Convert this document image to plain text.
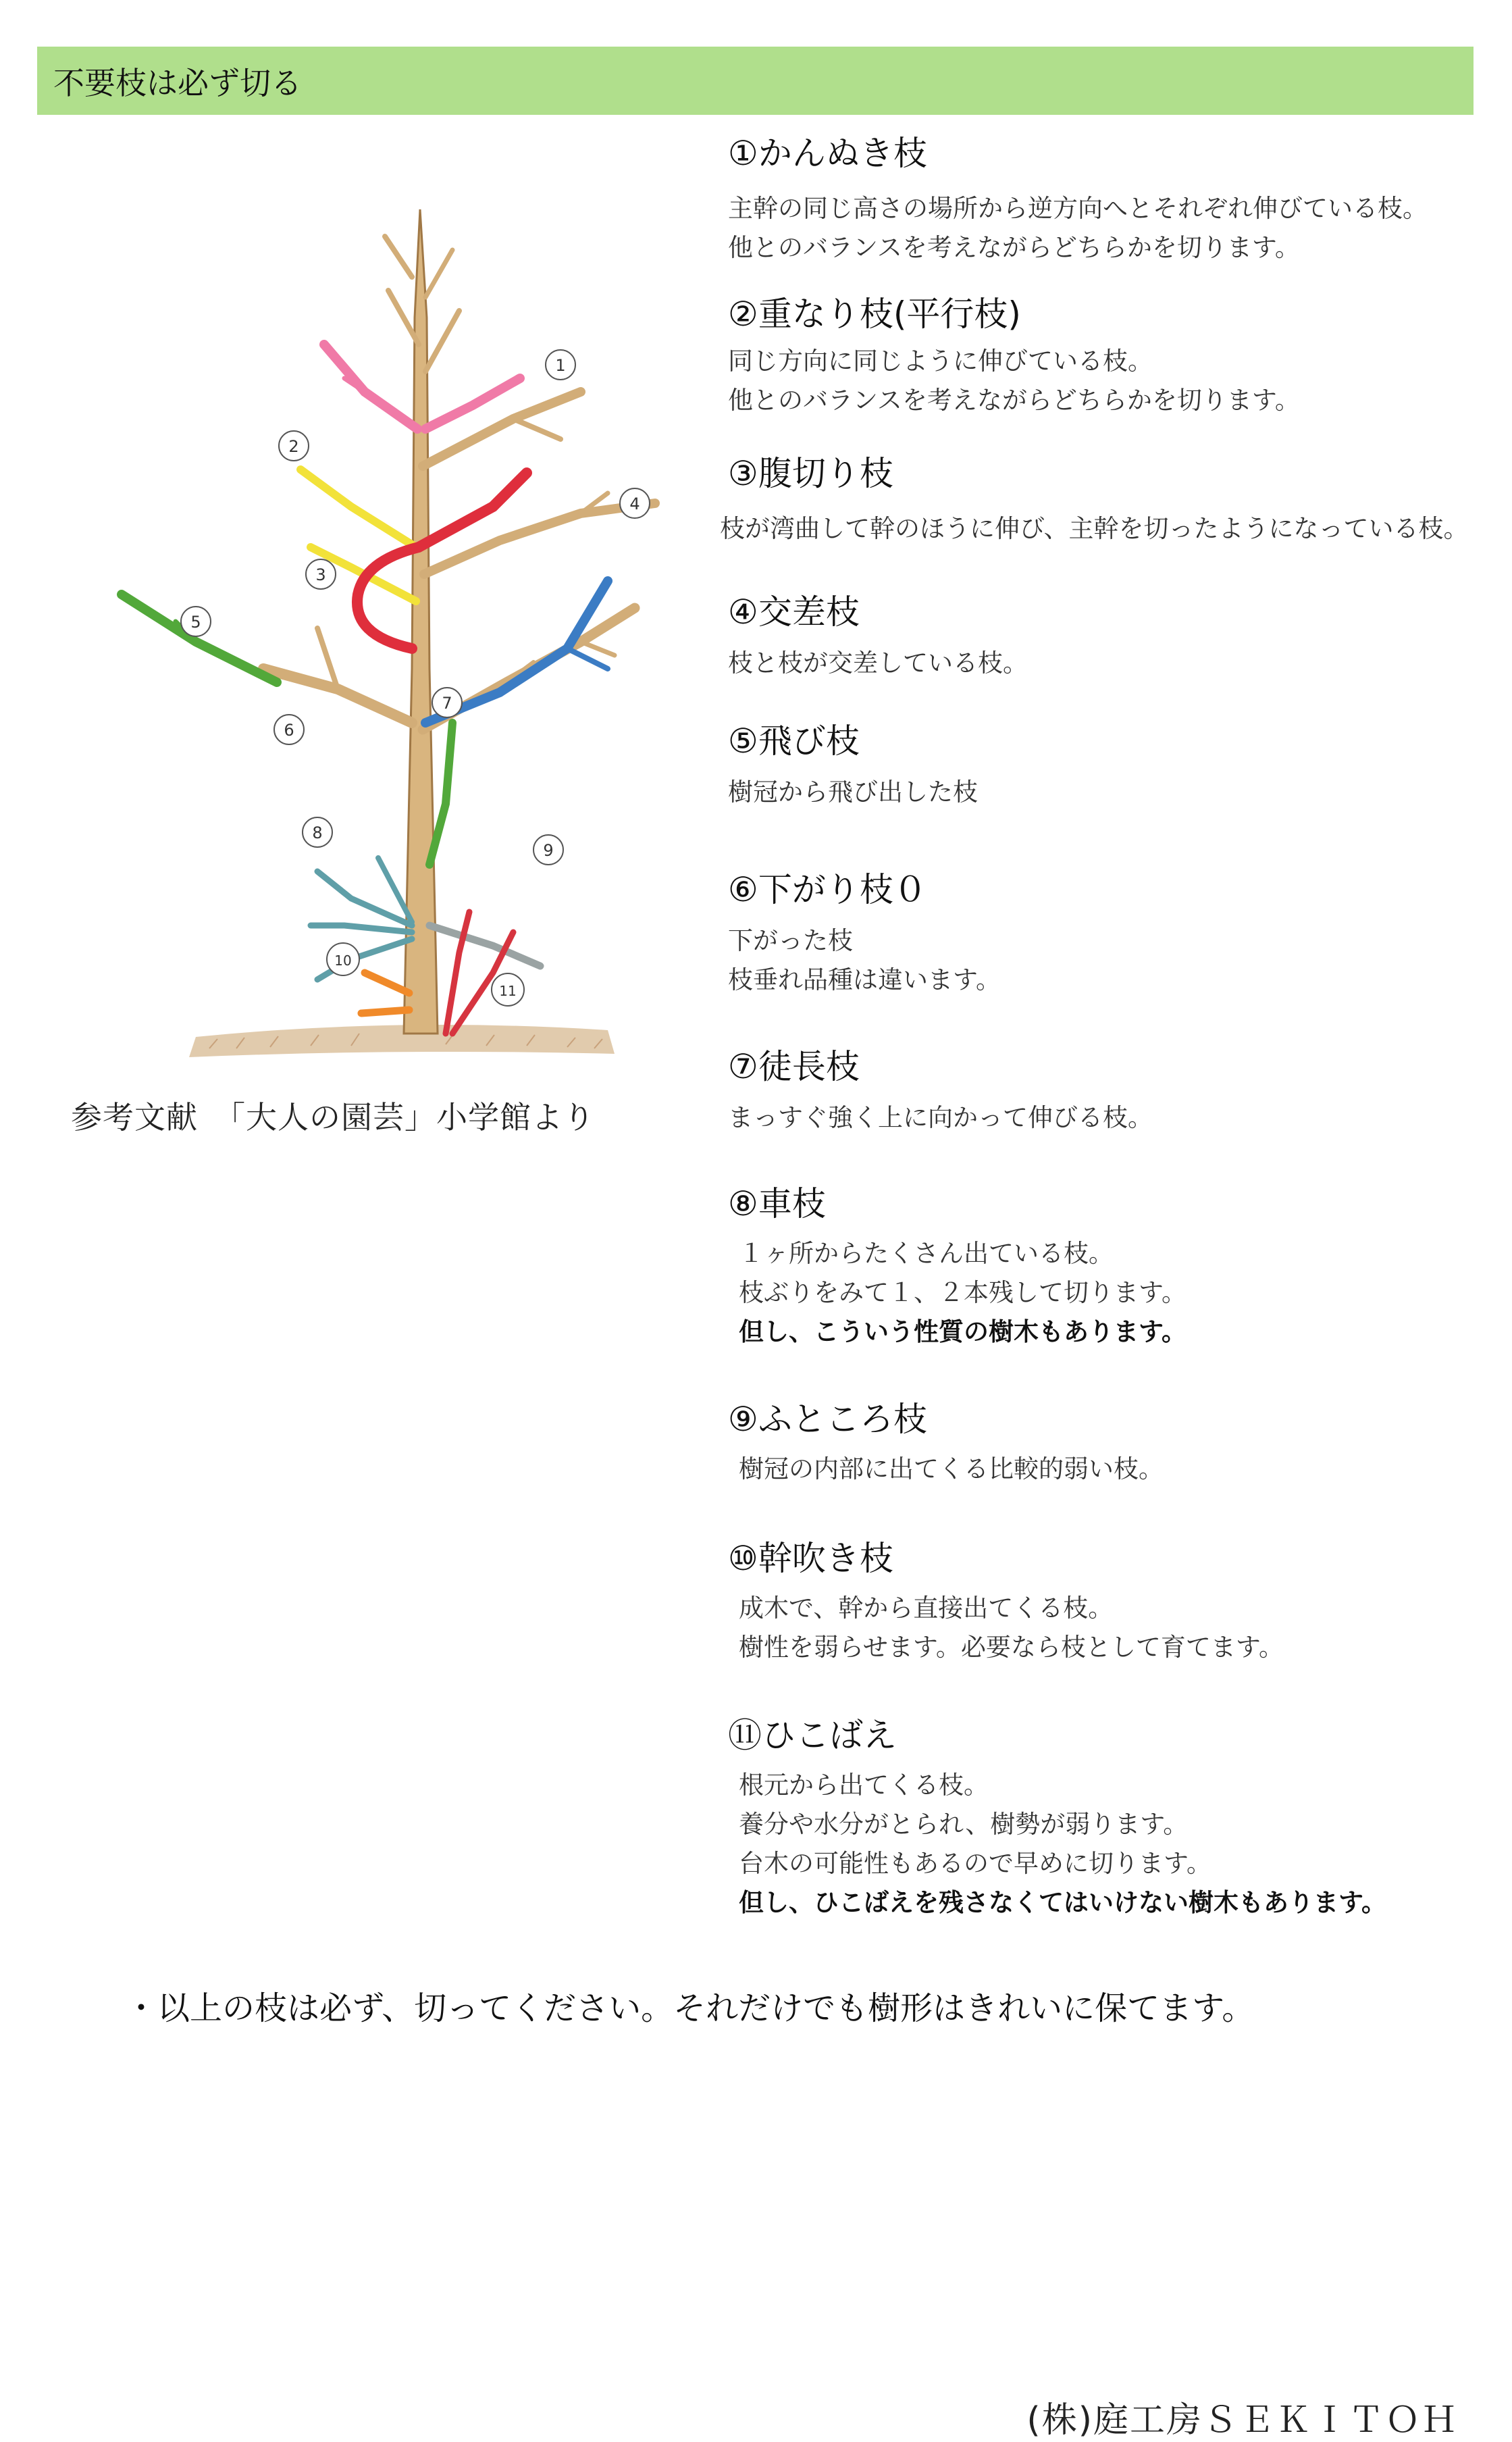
不要枝は必ず切る
1
2
3
4
5
6
7
8
9
10
11
参考文献　「大人の園芸」小学館より
①かんぬき枝
主幹の同じ高さの場所から逆方向へとそれぞれ伸びている枝。
他とのバランスを考えながらどちらかを切ります。
②重なり枝(平行枝)
同じ方向に同じように伸びている枝。
他とのバランスを考えながらどちらかを切ります。
③腹切り枝
枝が湾曲して幹のほうに伸び、主幹を切ったようになっている枝。
④交差枝
枝と枝が交差している枝。
⑤飛び枝
樹冠から飛び出した枝
⑥下がり枝０
下がった枝
枝垂れ品種は違います。
⑦徒長枝
まっすぐ強く上に向かって伸びる枝。
⑧車枝
１ヶ所からたくさん出ている枝。
枝ぶりをみて１、２本残して切ります。
但し、こういう性質の樹木もあります。
⑨ふところ枝
樹冠の内部に出てくる比較的弱い枝。
⑩幹吹き枝
成木で、幹から直接出てくる枝。
樹性を弱らせます。必要なら枝として育てます。
⑪ひこばえ
根元から出てくる枝。
養分や水分がとられ、樹勢が弱ります。
台木の可能性もあるので早めに切ります。
但し、ひこばえを残さなくてはいけない樹木もあります。
・以上の枝は必ず、切ってください。それだけでも樹形はきれいに保てます。
(株)庭工房ＳＥＫＩＴＯＨ
